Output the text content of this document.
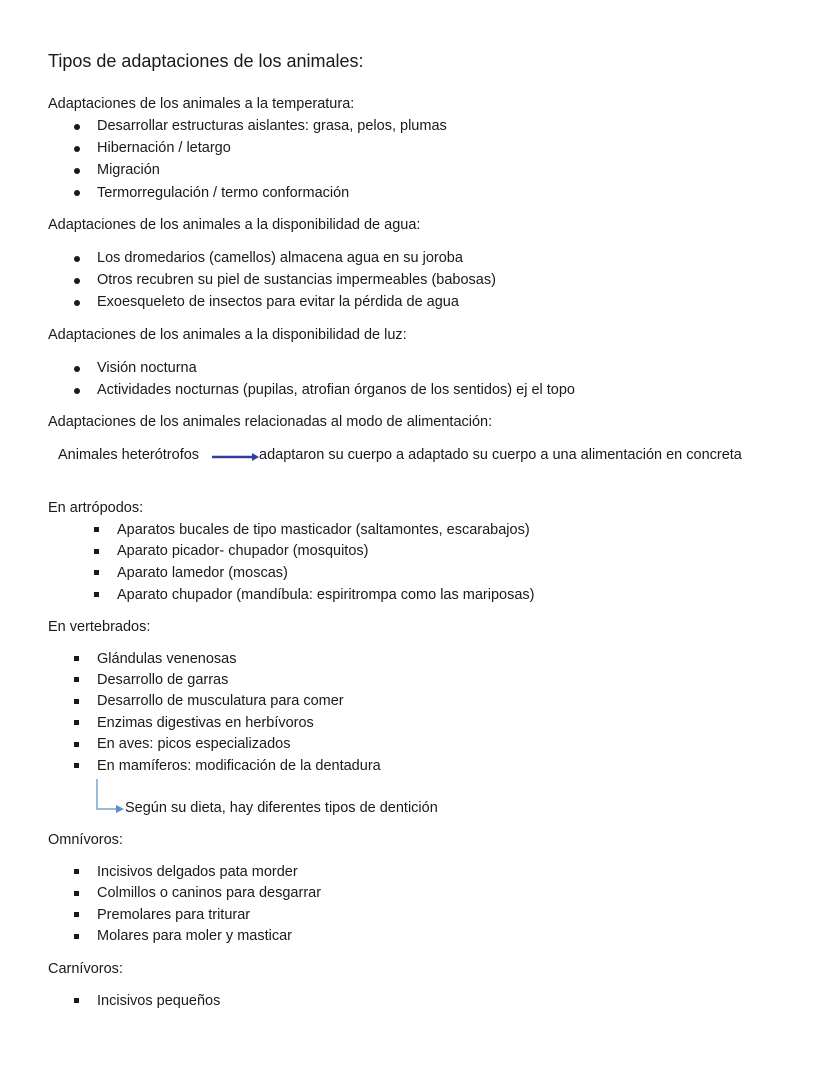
Tipos de adaptaciones de los animales:
Adaptaciones de los animales a la temperatura:
Desarrollar estructuras aislantes: grasa, pelos, plumas
Hibernación / letargo
Migración
Termorregulación / termo conformación
Adaptaciones de los animales a la disponibilidad de agua:
Los dromedarios (camellos) almacena agua en su joroba
Otros recubren su piel de sustancias impermeables (babosas)
Exoesqueleto de insectos para evitar la pérdida de agua
Adaptaciones de los animales a la disponibilidad de luz:
Visión nocturna
Actividades nocturnas (pupilas, atrofian órganos de los sentidos) ej el topo
Adaptaciones de los animales relacionadas al modo de alimentación:
Animales heterótrofos	adaptaron su cuerpo a adaptado su cuerpo a una alimentación en concreta
En artrópodos:
Aparatos bucales de tipo masticador (saltamontes, escarabajos)
Aparato picador- chupador (mosquitos)
Aparato lamedor (moscas)
Aparato chupador (mandíbula: espiritrompa como las mariposas)
En vertebrados:
Glándulas venenosas
Desarrollo de garras
Desarrollo de musculatura para comer
Enzimas digestivas en herbívoros
En aves: picos especializados
En mamíferos: modificación de la dentadura
Según su dieta, hay diferentes tipos de dentición
Omnívoros:
Incisivos delgados pata morder
Colmillos o caninos para desgarrar
Premolares para triturar
Molares para moler y masticar
Carnívoros:
Incisivos pequeños
